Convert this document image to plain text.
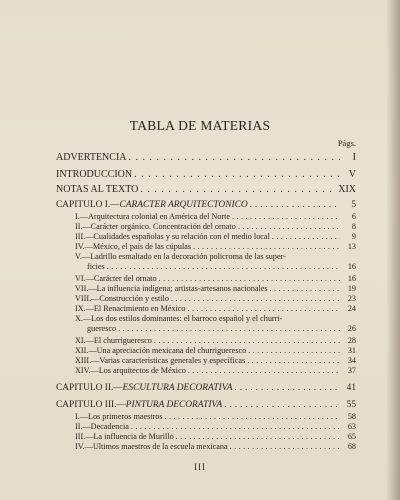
TABLA DE MATERIAS
Págs.
ADVERTENCIA . . .	I
INTRODUCCION . . .	V
NOTAS AL TEXTO . . .	XIX
CAPITULO I.—CARACTER ARQUITECTONICO . . .	5
I.—Arquitectura colonial en América del Norte . . .	6
II.—Carácter orgánico. Concentración del ornato . . .	8
III.—Cualidades españolas y su relación con el medio local . . .	9
IV.—México, el país de las cúpulas . . .	13
V.—Ladrillo esmaltado en la decoración policroma de las super-
ficies . . .	16
VI.—Carácter del ornato . . .	16
VII.—La influencia indígena; artistas-artesanos nacionales . . .	19
VIII.—Construcción y estilo . . .	23
IX.—El Renacimiento en México . . .	24
X.—Los dos estilos dominantes: el barroco español y el churri-
gueresco . . .	26
XI.—El churrigueresco . . .	28
XII.—Una apreciación mexicana del churrigueresco . . .	31
XIII.—Varias características generales y específicas . . .	34
XIV.—Los arquitectos de México . . .	37
CAPITULO II.—ESCULTURA DECORATIVA . . .	41
CAPITULO III.—PINTURA DECORATIVA . . .	55
I.—Los primeros maestros . . .	58
II.—Decadencia . . .	63
III.—La influencia de Murillo . . .	65
IV.—Ultimos maestros de la escuela mexicana . . .	68
III
